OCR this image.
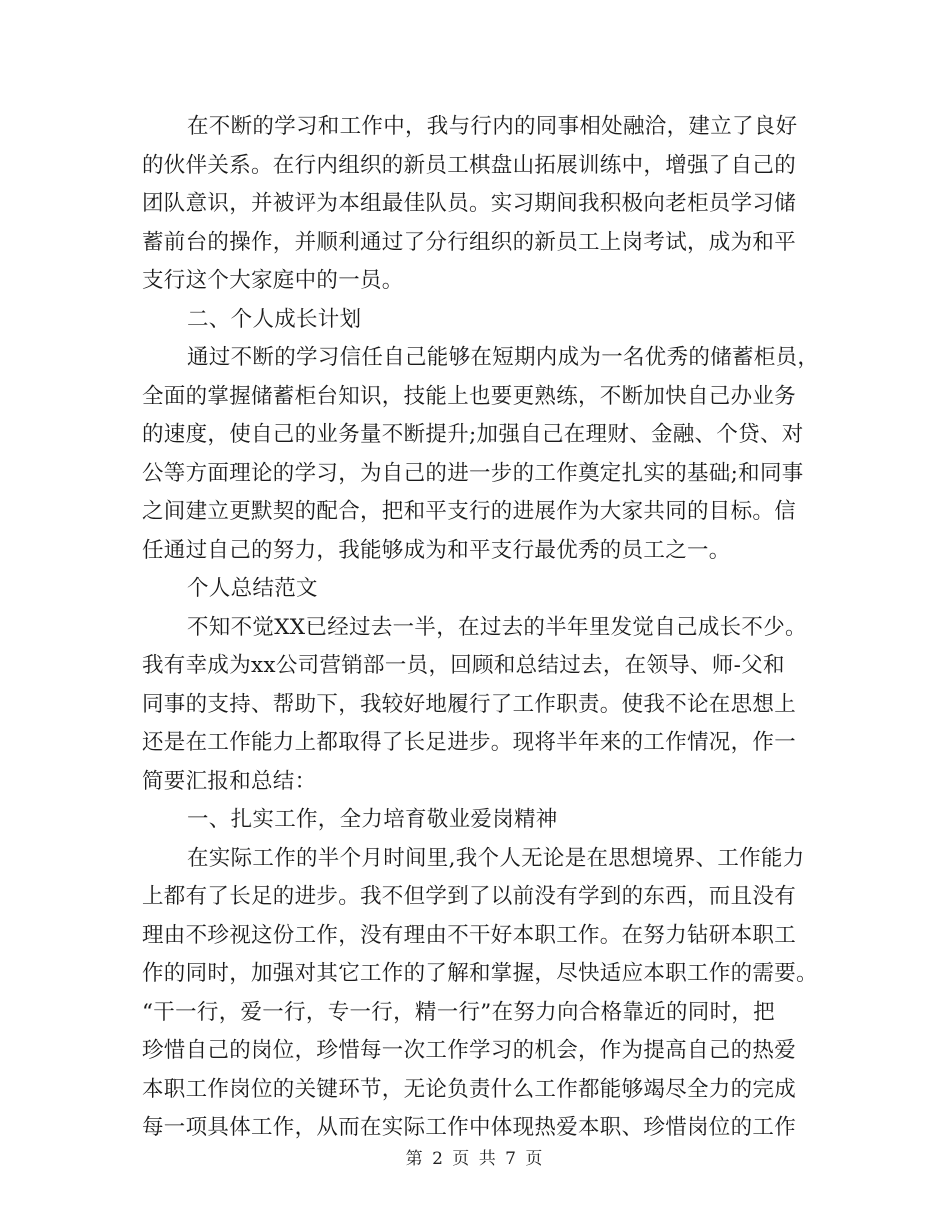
在不断的学习和工作中，我与行内的同事相处融洽，建立了良好
的伙伴关系。在行内组织的新员工棋盘山拓展训练中，增强了自己的
团队意识，并被评为本组最佳队员。实习期间我积极向老柜员学习储
蓄前台的操作，并顺利通过了分行组织的新员工上岗考试，成为和平
支行这个大家庭中的一员。
二、个人成长计划
通过不断的学习信任自己能够在短期内成为一名优秀的储蓄柜员，
全面的掌握储蓄柜台知识，技能上也要更熟练，不断加快自己办业务
的速度，使自己的业务量不断提升;加强自己在理财、金融、个贷、对
公等方面理论的学习，为自己的进一步的工作奠定扎实的基础;和同事
之间建立更默契的配合，把和平支行的进展作为大家共同的目标。信
任通过自己的努力，我能够成为和平支行最优秀的员工之一。
个人总结范文
不知不觉XX已经过去一半，在过去的半年里发觉自己成长不少。
我有幸成为xx公司营销部一员，回顾和总结过去，在领导、师-父和
同事的支持、帮助下，我较好地履行了工作职责。使我不论在思想上
还是在工作能力上都取得了长足进步。现将半年来的工作情况，作一
简要汇报和总结：
一、扎实工作，全力培育敬业爱岗精神
在实际工作的半个月时间里,我个人无论是在思想境界、工作能力
上都有了长足的进步。我不但学到了以前没有学到的东西，而且没有
理由不珍视这份工作，没有理由不干好本职工作。在努力钻研本职工
作的同时，加强对其它工作的了解和掌握，尽快适应本职工作的需要。
“干一行，爱一行，专一行，精一行”在努力向合格靠近的同时，把
珍惜自己的岗位，珍惜每一次工作学习的机会，作为提高自己的热爱
本职工作岗位的关键环节，无论负责什么工作都能够竭尽全力的完成
每一项具体工作，从而在实际工作中体现热爱本职、珍惜岗位的工作
第 2 页 共 7 页
